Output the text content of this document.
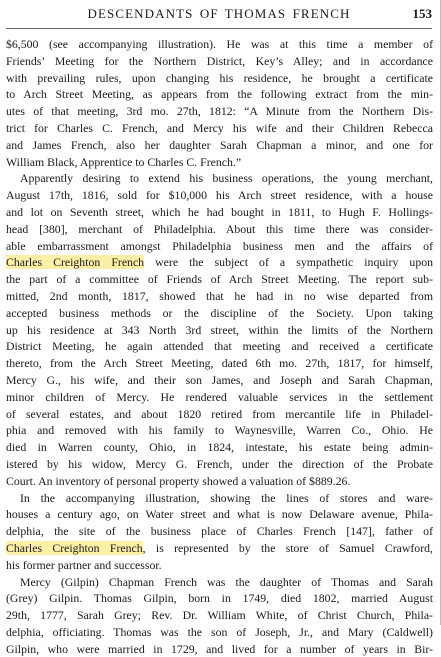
DESCENDANTS OF THOMAS FRENCH	153
$6,500 (see accompanying illustration). He was at this time a member of
Friends’ Meeting for the Northern District, Key’s Alley; and in accordance
with prevailing rules, upon changing his residence, he brought a certificate
to Arch Street Meeting, as appears from the following extract from the min-
utes of that meeting, 3rd mo. 27th, 1812: “A Minute from the Northern Dis-
trict for Charles C. French, and Mercy his wife and their Children Rebecca
and James French, also her daughter Sarah Chapman a minor, and one for
William Black, Apprentice to Charles C. French.”
Apparently desiring to extend his business operations, the young merchant,
August 17th, 1816, sold for $10,000 his Arch street residence, with a house
and lot on Seventh street, which he had bought in 1811, to Hugh F. Hollings-
head [380], merchant of Philadelphia. About this time there was consider-
able embarrassment amongst Philadelphia business men and the affairs of
Charles Creighton French were the subject of a sympathetic inquiry upon
the part of a committee of Friends of Arch Street Meeting. The report sub-
mitted, 2nd month, 1817, showed that he had in no wise departed from
accepted business methods or the discipline of the Society. Upon taking
up his residence at 343 North 3rd street, within the limits of the Northern
District Meeting, he again attended that meeting and received a certificate
thereto, from the Arch Street Meeting, dated 6th mo. 27th, 1817, for himself,
Mercy G., his wife, and their son James, and Joseph and Sarah Chapman,
minor children of Mercy. He rendered valuable services in the settlement
of several estates, and about 1820 retired from mercantile life in Philadel-
phia and removed with his family to Waynesville, Warren Co., Ohio. He
died in Warren county, Ohio, in 1824, intestate, his estate being admin-
istered by his widow, Mercy G. French, under the direction of the Probate
Court. An inventory of personal property showed a valuation of $889.26.
In the accompanying illustration, showing the lines of stores and ware-
houses a century ago, on Water street and what is now Delaware avenue, Phila-
delphia, the site of the business place of Charles French [147], father of
Charles Creighton French, is represented by the store of Samuel Crawford,
his former partner and successor.
Mercy (Gilpin) Chapman French was the daughter of Thomas and Sarah
(Grey) Gilpin. Thomas Gilpin, born in 1749, died 1802, married August
29th, 1777, Sarah Grey; Rev. Dr. William White, of Christ Church, Phila-
delphia, officiating. Thomas was the son of Joseph, Jr., and Mary (Caldwell)
Gilpin, who were married in 1729, and lived for a number of years in Bir-
